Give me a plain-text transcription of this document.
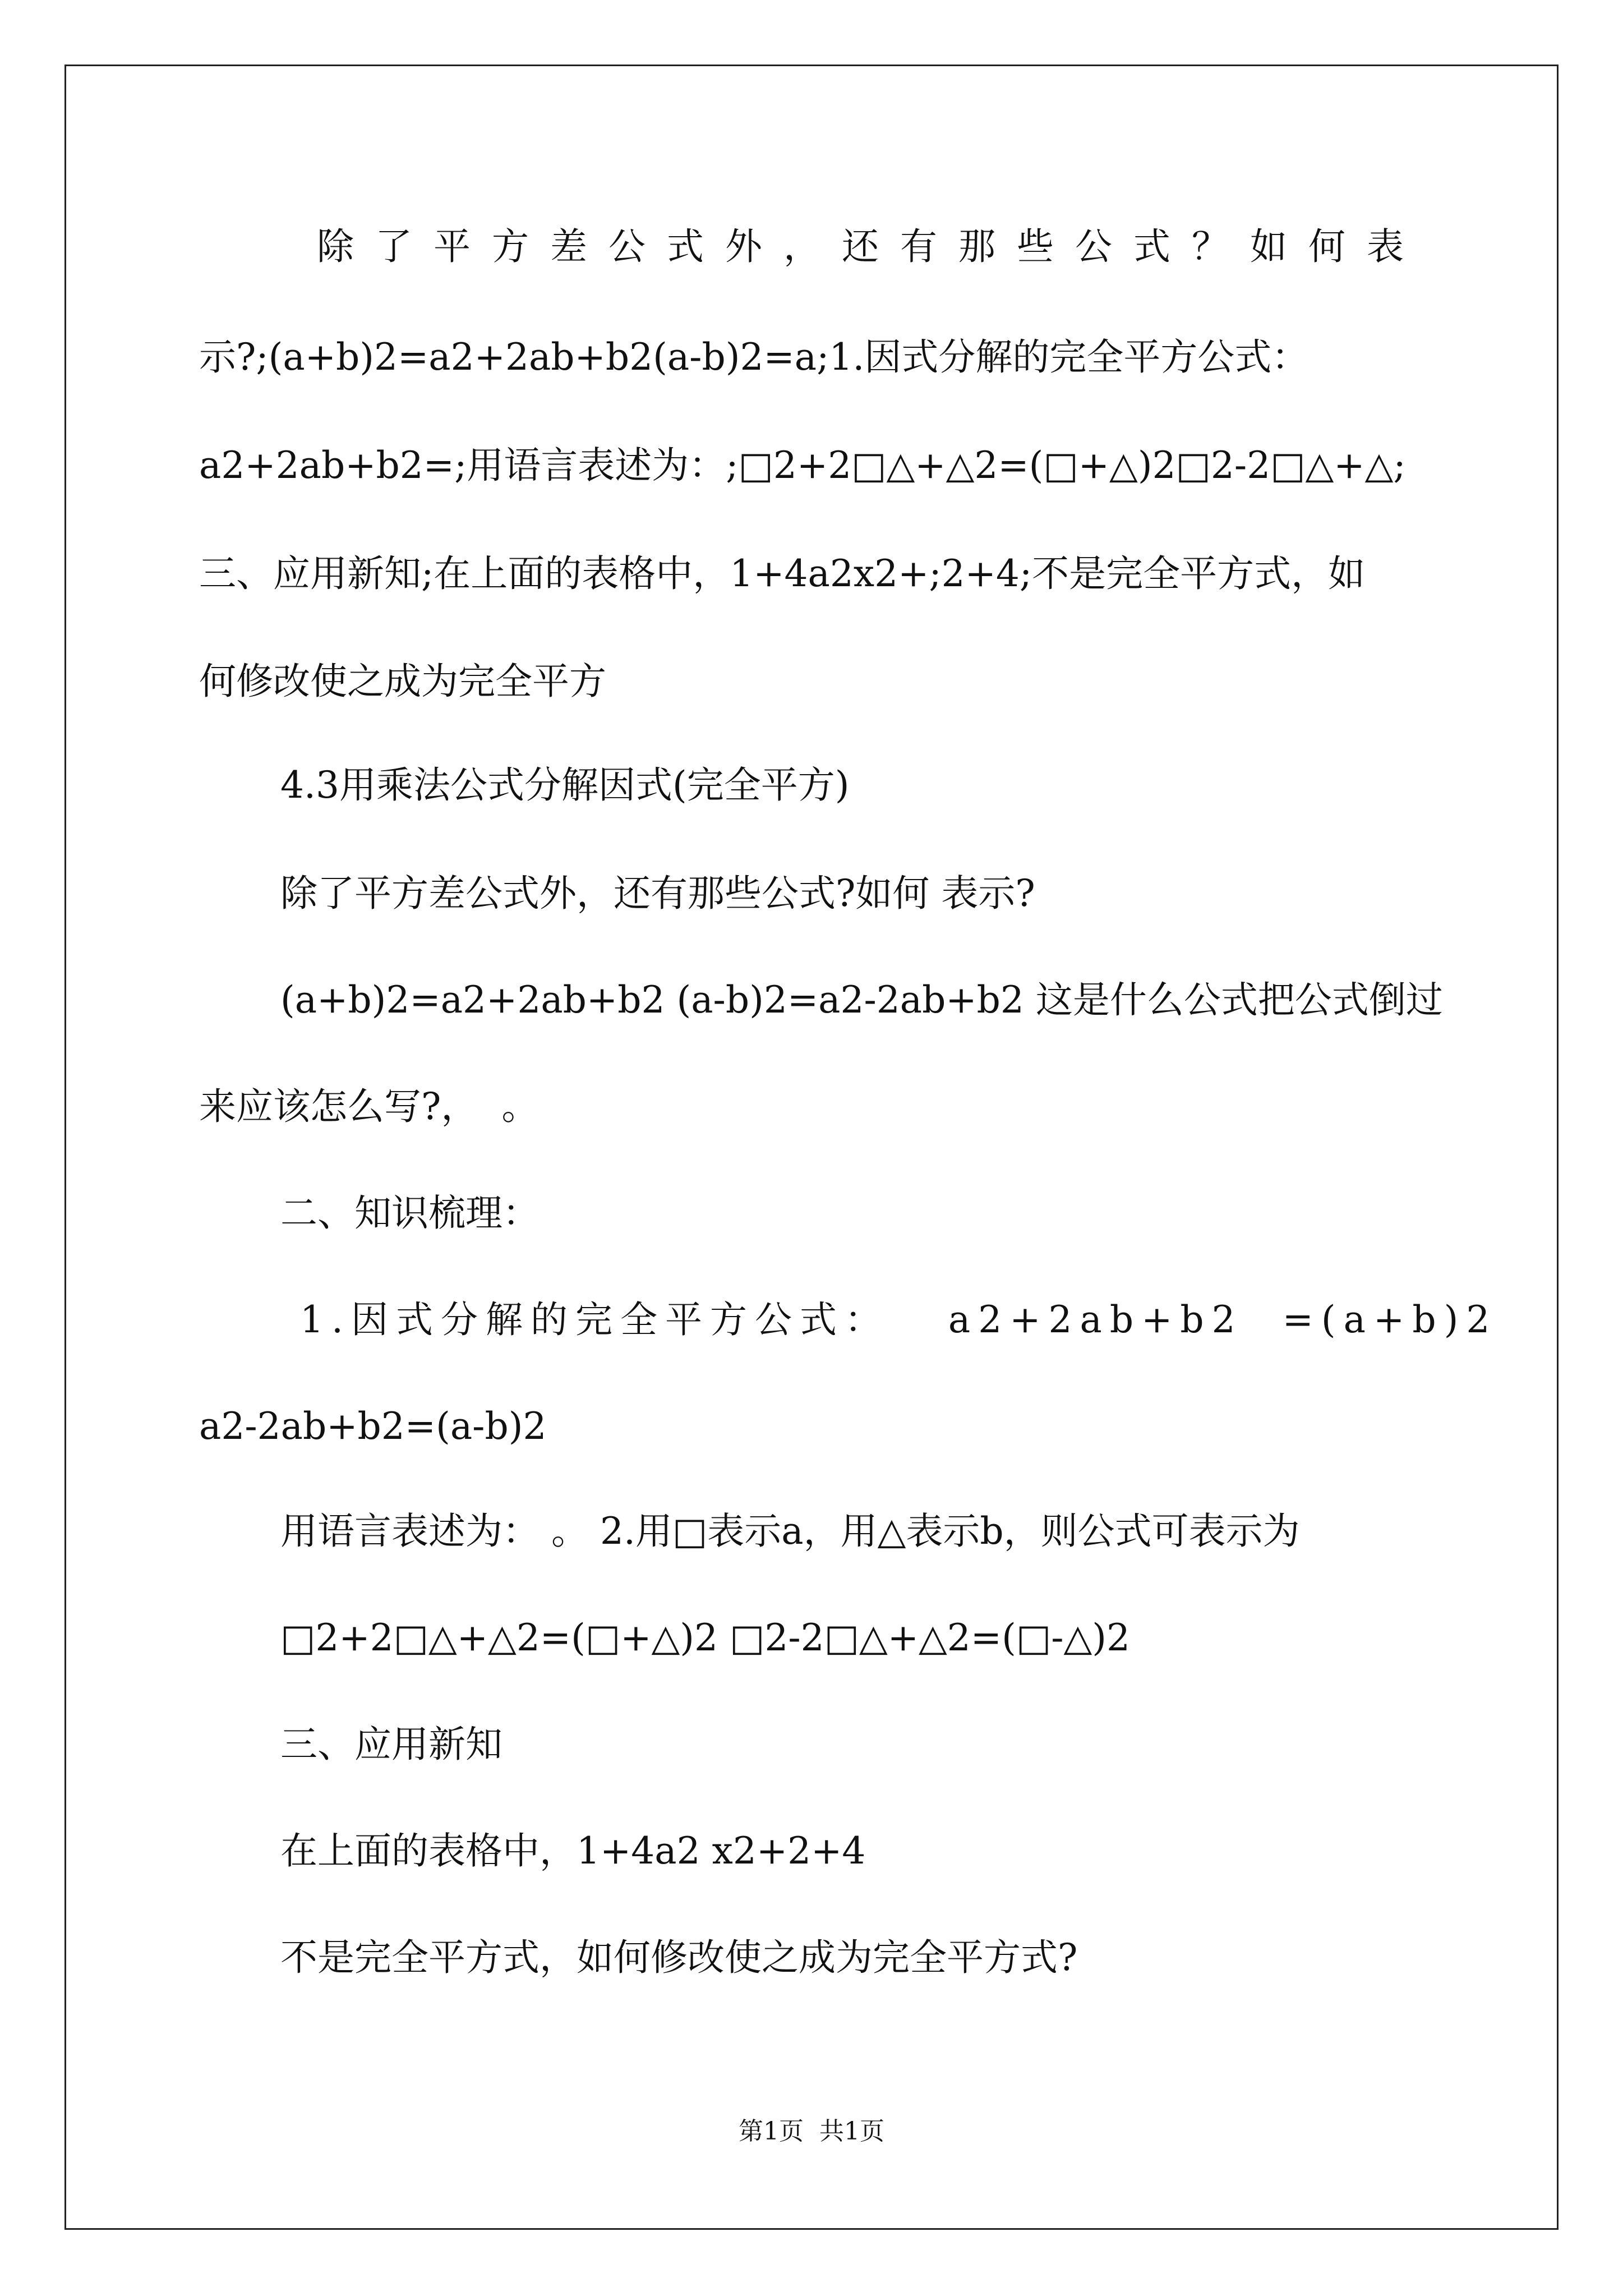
除了平方差公式外，还有那些公式？如何表
示?;(a+b)2=a2+2ab+b2(a-b)2=a;1.因式分解的完全平方公式：
a2+2ab+b2=;用语言表述为：;□2+2□△+△2=(□+△)2□2-2□△+△;
三、应用新知;在上面的表格中，1+4a2x2+;2+4;不是完全平方式，如
何修改使之成为完全平方
4.3用乘法公式分解因式(完全平方)
除了平方差公式外，还有那些公式?如何 表示?
(a+b)2=a2+2ab+b2 (a-b)2=a2-2ab+b2 这是什么公式把公式倒过
来应该怎么写?，  。
二、知识梳理：
1.因式分解的完全平方公式：   a2+2ab+b2  =(a+b)2
a2-2ab+b2=(a-b)2
用语言表述为： 。 2.用□表示a，用△表示b，则公式可表示为
□2+2□△+△2=(□+△)2 □2-2□△+△2=(□-△)2
三、应用新知
在上面的表格中，1+4a2 x2+2+4
不是完全平方式，如何修改使之成为完全平方式?
第1页  共1页
